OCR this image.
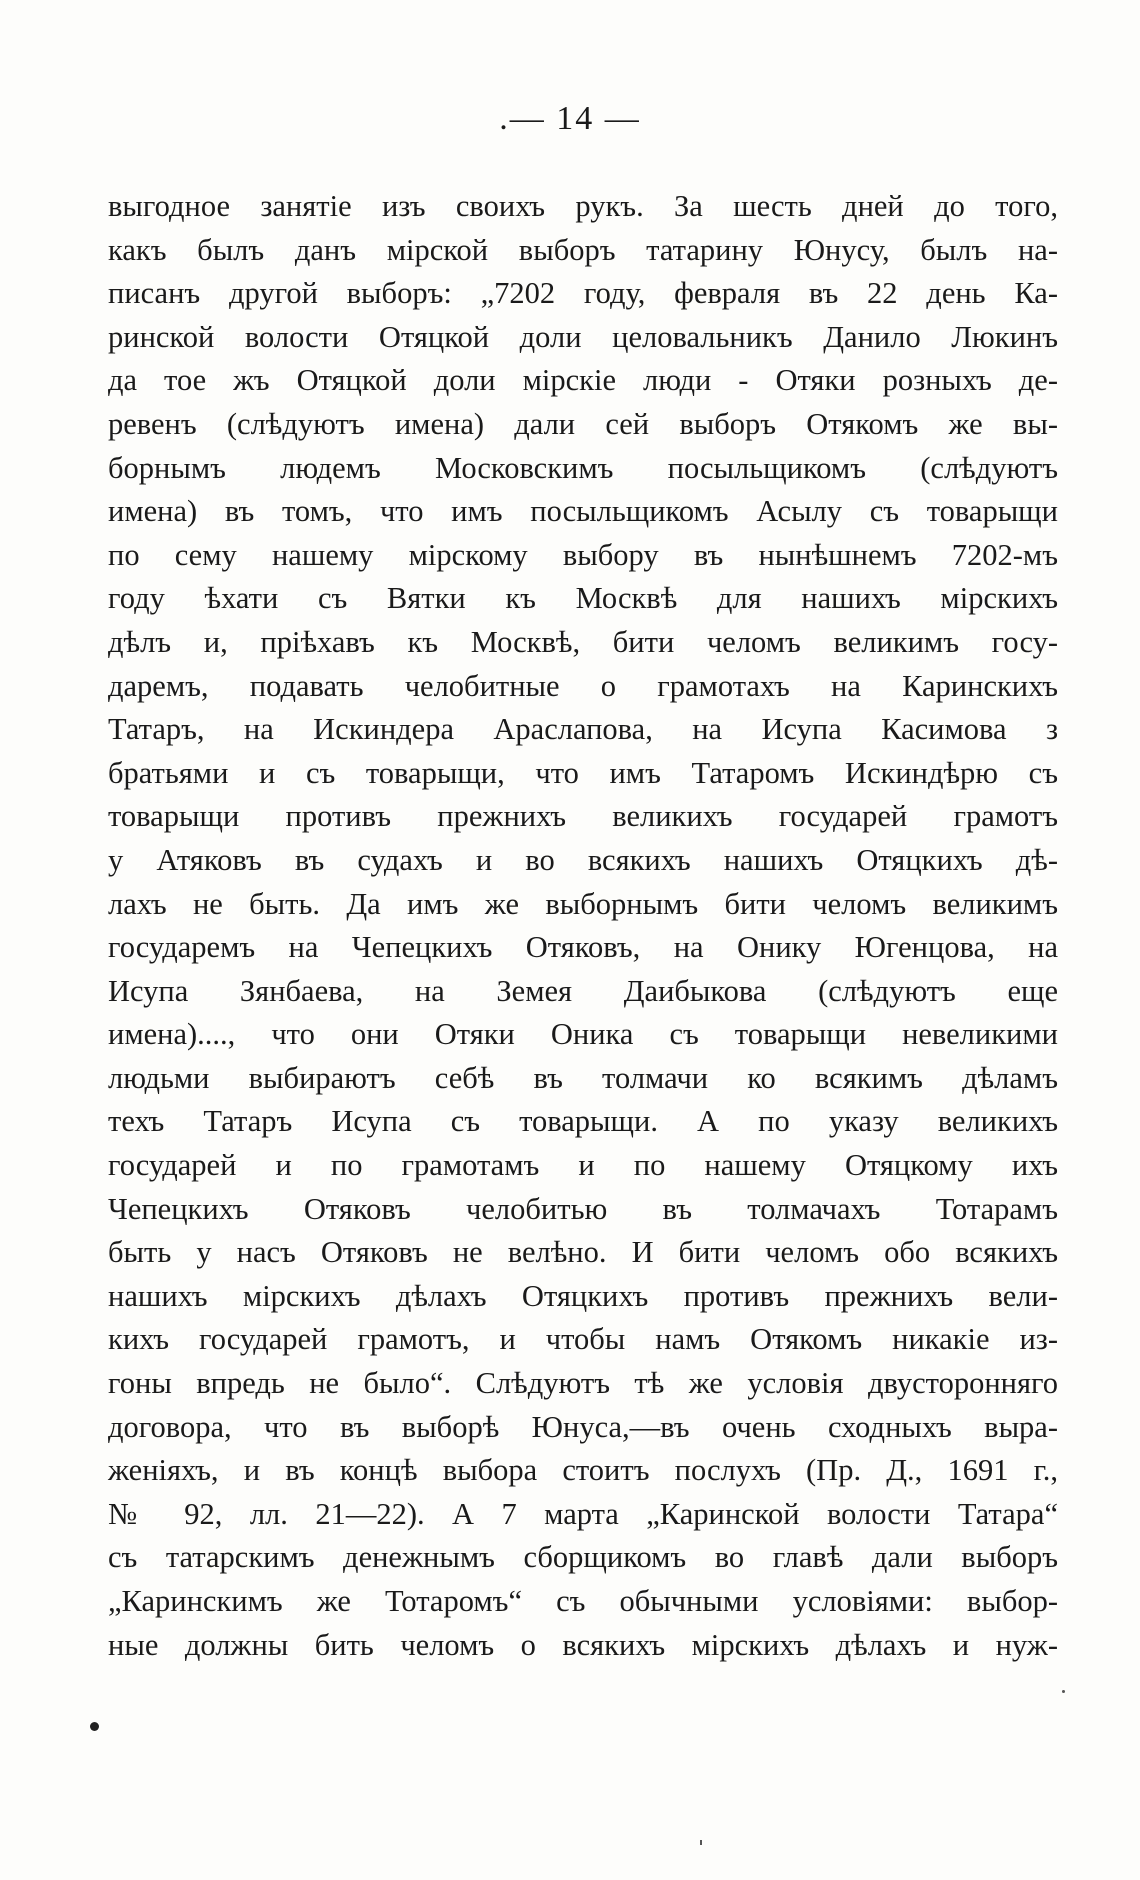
.— 14 —
выгодное занятіе изъ своихъ рукъ. За шесть дней до того,
какъ былъ данъ мірской выборъ татарину Юнусу, былъ на-
писанъ другой выборъ: „7202 году, февраля въ 22 день Ка-
ринской волости Отяцкой доли целовальникъ Данило Люкинъ
да тое жъ Отяцкой доли мірскіе люди - Отяки розныхъ де-
ревенъ (слѣдуютъ имена) дали сей выборъ Отякомъ же вы-
борнымъ людемъ Московскимъ посыльщикомъ (слѣдуютъ
имена) въ томъ, что имъ посыльщикомъ Асылу съ товарыщи
по сему нашему мірскому выбору въ нынѣшнемъ 7202-мъ
году ѣхати съ Вятки къ Москвѣ для нашихъ мірскихъ
дѣлъ и, пріѣхавъ къ Москвѣ, бити челомъ великимъ госу-
даремъ, подавать челобитные о грамотахъ на Каринскихъ
Татаръ, на Искиндера Араслапова, на Исупа Касимова з
братьями и съ товарыщи, что имъ Татаромъ Искиндѣрю съ
товарыщи противъ прежнихъ великихъ государей грамотъ
у Атяковъ въ судахъ и во всякихъ нашихъ Отяцкихъ дѣ-
лахъ не быть. Да имъ же выборнымъ бити челомъ великимъ
государемъ на Чепецкихъ Отяковъ, на Онику Югенцова, на
Исупа Зянбаева, на Земея Даибыкова (слѣдуютъ еще
имена)...., что они Отяки Оника съ товарыщи невеликими
людьми выбираютъ себѣ въ толмачи ко всякимъ дѣламъ
техъ Татаръ Исупа съ товарыщи. А по указу великихъ
государей и по грамотамъ и по нашему Отяцкому ихъ
Чепецкихъ Отяковъ челобитью въ толмачахъ Тотарамъ
быть у насъ Отяковъ не велѣно. И бити челомъ обо всякихъ
нашихъ мірскихъ дѣлахъ Отяцкихъ противъ прежнихъ вели-
кихъ государей грамотъ, и чтобы намъ Отякомъ никакіе из-
гоны впредь не было“. Слѣдуютъ тѣ же условія двусторонняго
договора, что въ выборѣ Юнуса,—въ очень сходныхъ выра-
женіяхъ, и въ концѣ выбора стоитъ послухъ (Пр. Д., 1691 г.,
№ 92, лл. 21—22). А 7 марта „Каринской волости Татара“
съ татарскимъ денежнымъ сборщикомъ во главѣ дали выборъ
„Каринскимъ же Тотаромъ“ съ обычными условіями: выбор-
ные должны бить челомъ о всякихъ мірскихъ дѣлахъ и нуж-
